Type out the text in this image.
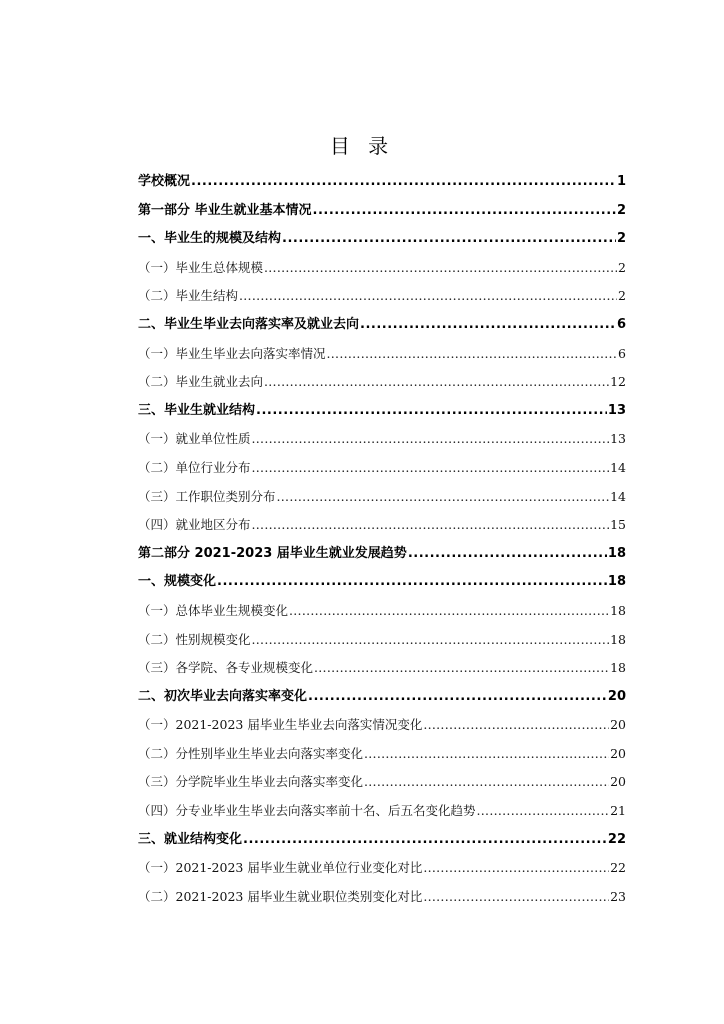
目 录
学校概况 .....	1
第一部分 毕业生就业基本情况 .....	2
一、毕业生的规模及结构 .....	2
（一）毕业生总体规模 .....	2
（二）毕业生结构 .....	2
二、毕业生毕业去向落实率及就业去向 .....	6
（一）毕业生毕业去向落实率情况 .....	6
（二）毕业生就业去向 .....	12
三、毕业生就业结构 .....	13
（一）就业单位性质 .....	13
（二）单位行业分布 .....	14
（三）工作职位类别分布 .....	14
（四）就业地区分布 .....	15
第二部分 2021-2023 届毕业生就业发展趋势 .....	18
一、规模变化 .....	18
（一）总体毕业生规模变化 .....	18
（二）性别规模变化 .....	18
（三）各学院、各专业规模变化 .....	18
二、初次毕业去向落实率变化 .....	20
（一）2021-2023 届毕业生毕业去向落实情况变化 .....	20
（二）分性别毕业生毕业去向落实率变化 .....	20
（三）分学院毕业生毕业去向落实率变化 .....	20
（四）分专业毕业生毕业去向落实率前十名、后五名变化趋势 .....	21
三、就业结构变化 .....	22
（一）2021-2023 届毕业生就业单位行业变化对比 .....	22
（二）2021-2023 届毕业生就业职位类别变化对比 .....	23
